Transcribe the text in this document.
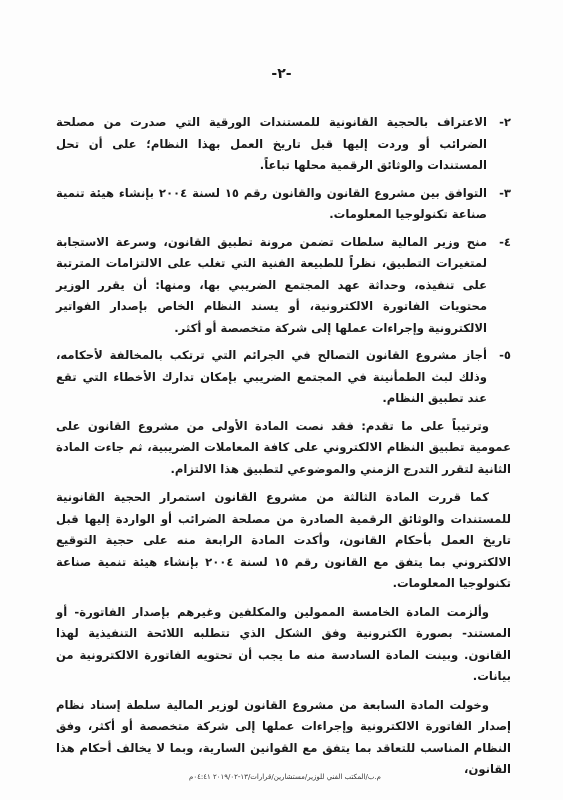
-٢-
٢-
الاعتراف بالحجية القانونية للمستندات الورقية التي صدرت من مصلحة الضرائب أو وردت إليها قبل تاريخ العمل بهذا النظام؛ على أن تحل المستندات والوثائق الرقمية محلها تباعاً.
٣-
التوافق بين مشروع القانون والقانون رقم ١٥ لسنة ٢٠٠٤ بإنشاء هيئة تنمية صناعة تكنولوجيا المعلومات.
٤-
منح وزير المالية سلطات تضمن مرونة تطبيق القانون، وسرعة الاستجابة لمتغيرات التطبيق، نظراً للطبيعة الفنية التي تغلب على الالتزامات المترتبة على تنفيذه، وحداثة عهد المجتمع الضريبي بها، ومنها: أن يقرر الوزير محتويات الفاتورة الالكترونية، أو يسند النظام الخاص بإصدار الفواتير الالكترونية وإجراءات عملها إلى شركة متخصصة أو أكثر.
٥-
أجاز مشروع القانون التصالح في الجرائم التي ترتكب بالمخالفة لأحكامه، وذلك لبث الطمأنينة في المجتمع الضريبي بإمكان تدارك الأخطاء التي تقع عند تطبيق النظام.

وترتيباً على ما تقدم: فقد نصت المادة الأولى من مشروع القانون على عمومية تطبيق النظام الالكتروني على كافة المعاملات الضريبية، ثم جاءت المادة الثانية لتقرر التدرج الزمني والموضوعي لتطبيق هذا الالتزام.

كما قررت المادة الثالثة من مشروع القانون استمرار الحجية القانونية للمستندات والوثائق الرقمية الصادرة من مصلحة الضرائب أو الواردة إليها قبل تاريخ العمل بأحكام القانون، وأكدت المادة الرابعة منه على حجية التوقيع الالكتروني بما يتفق مع القانون رقم ١٥ لسنة ٢٠٠٤ بإنشاء هيئة تنمية صناعة تكنولوجيا المعلومات.

وألزمت المادة الخامسة الممولين والمكلفين وغيرهم بإصدار الفاتورة- أو المستند- بصورة الكترونية وفق الشكل الذي تتطلبه اللائحة التنفيذية لهذا القانون. وبينت المادة السادسة منه ما يجب أن تحتويه الفاتورة الالكترونية من بيانات.

وخولت المادة السابعة من مشروع القانون لوزير المالية سلطة إسناد نظام إصدار الفاتورة الالكترونية وإجراءات عملها إلى شركة متخصصة أو أكثر، وفق النظام المناسب للتعاقد بما يتفق مع القوانين السارية، وبما لا يخالف أحكام هذا القانون،

م.ب/المكتب الفني للوزير/مستشارين/قرارات/١٣-٢٠١٩/٠٢ ٠٤:٤١م
